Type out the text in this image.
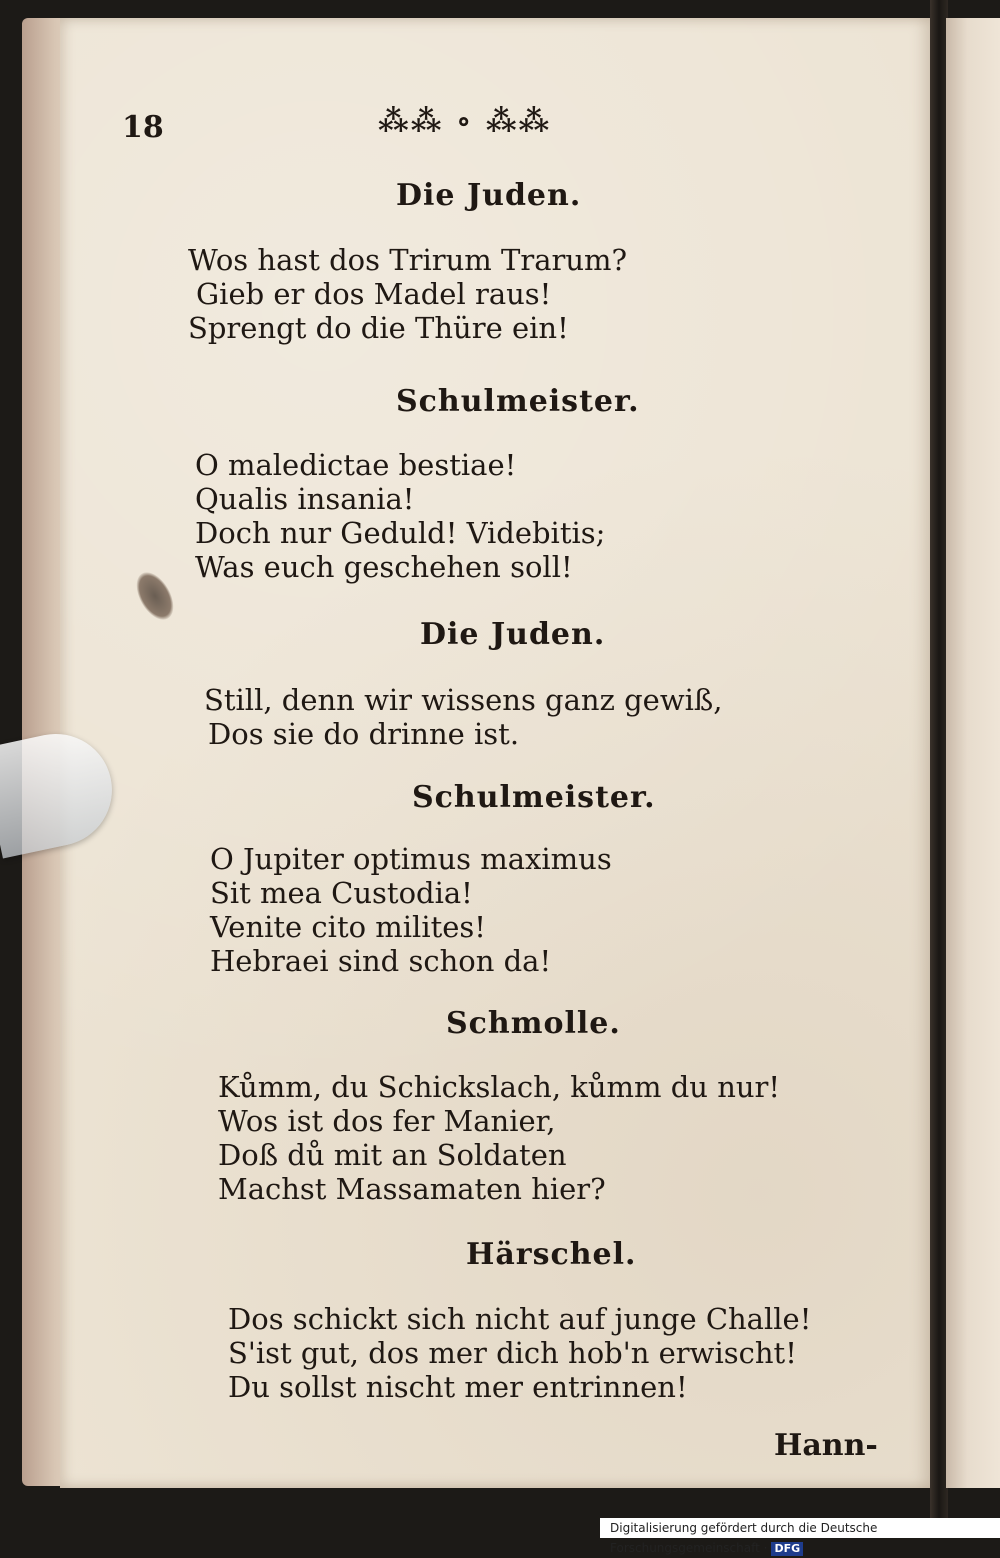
18	⁂⁂ ∘ ⁂⁂
Die Juden.
Wos hast dos Trirum Trarum?
Gieb er dos Madel raus!
Sprengt do die Thüre ein!
Schulmeister.
O maledictae bestiae!
Qualis insania!
Doch nur Geduld! Videbitis;
Was euch geschehen soll!
Die Juden.
Still, denn wir wissens ganz gewiß,
Dos sie do drinne ist.
Schulmeister.
O Jupiter optimus maximus
Sit mea Custodia!
Venite cito milites!
Hebraei sind schon da!
Schmolle.
Kůmm, du Schickslach, kůmm du nur!
Wos ist dos fer Manier,
Doß dů mit an Soldaten
Machst Massamaten hier?
Härschel.
Dos schickt sich nicht auf junge Challe!
S'ist gut, dos mer dich hob'n erwischt!
Du sollst nischt mer entrinnen!
Hann-
Digitalisierung gefördert durch die Deutsche Forschungsgemeinschaft · DFG
